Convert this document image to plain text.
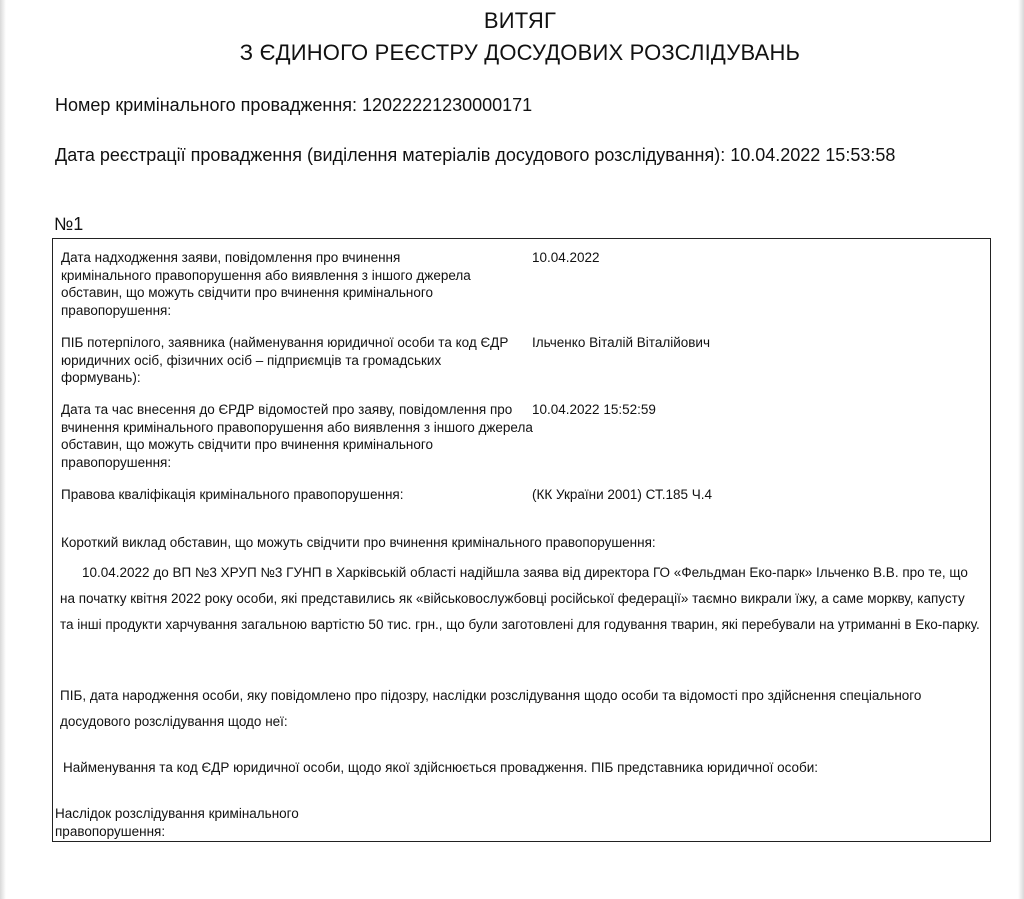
ВИТЯГ
З ЄДИНОГО РЕЄСТРУ ДОСУДОВИХ РОЗСЛІДУВАНЬ
Номер кримінального провадження: 12022221230000171
Дата реєстрації провадження (виділення матеріалів досудового розслідування): 10.04.2022 15:53:58
№1
Дата надходження заяви, повідомлення про вчинення кримінального правопорушення або виявлення з іншого джерела обставин, що можуть свідчити про вчинення кримінального правопорушення:
10.04.2022
ПІБ потерпілого, заявника (найменування юридичної особи та код ЄДР юридичних осіб, фізичних осіб – підприємців та громадських формувань):
Ільченко Віталій Віталійович
Дата та час внесення до ЄРДР відомостей про заяву, повідомлення про вчинення кримінального правопорушення або виявлення з іншого джерела обставин, що можуть свідчити про вчинення кримінального правопорушення:
10.04.2022 15:52:59
Правова кваліфікація кримінального правопорушення:	(КК України 2001) СТ.185 Ч.4
Короткий виклад обставин, що можуть свідчити про вчинення кримінального правопорушення:
10.04.2022 до ВП №3 ХРУП №3 ГУНП в Харківській області надійшла заява від директора ГО «Фельдман Еко-парк» Ільченко В.В. про те, що на початку квітня 2022 року особи, які представились як «військовослужбовці російської федерації» таємно викрали їжу, а саме моркву, капусту та інші продукти харчування загальною вартістю 50 тис. грн., що були заготовлені для годування тварин, які перебували на утриманні в Еко-парку.
ПІБ, дата народження особи, яку повідомлено про підозру, наслідки розслідування щодо особи та відомості про здійснення спеціального досудового розслідування щодо неї:
Найменування та код ЄДР юридичної особи, щодо якої здійснюється провадження. ПІБ представника юридичної особи:
Наслідок розслідування кримінального правопорушення:
